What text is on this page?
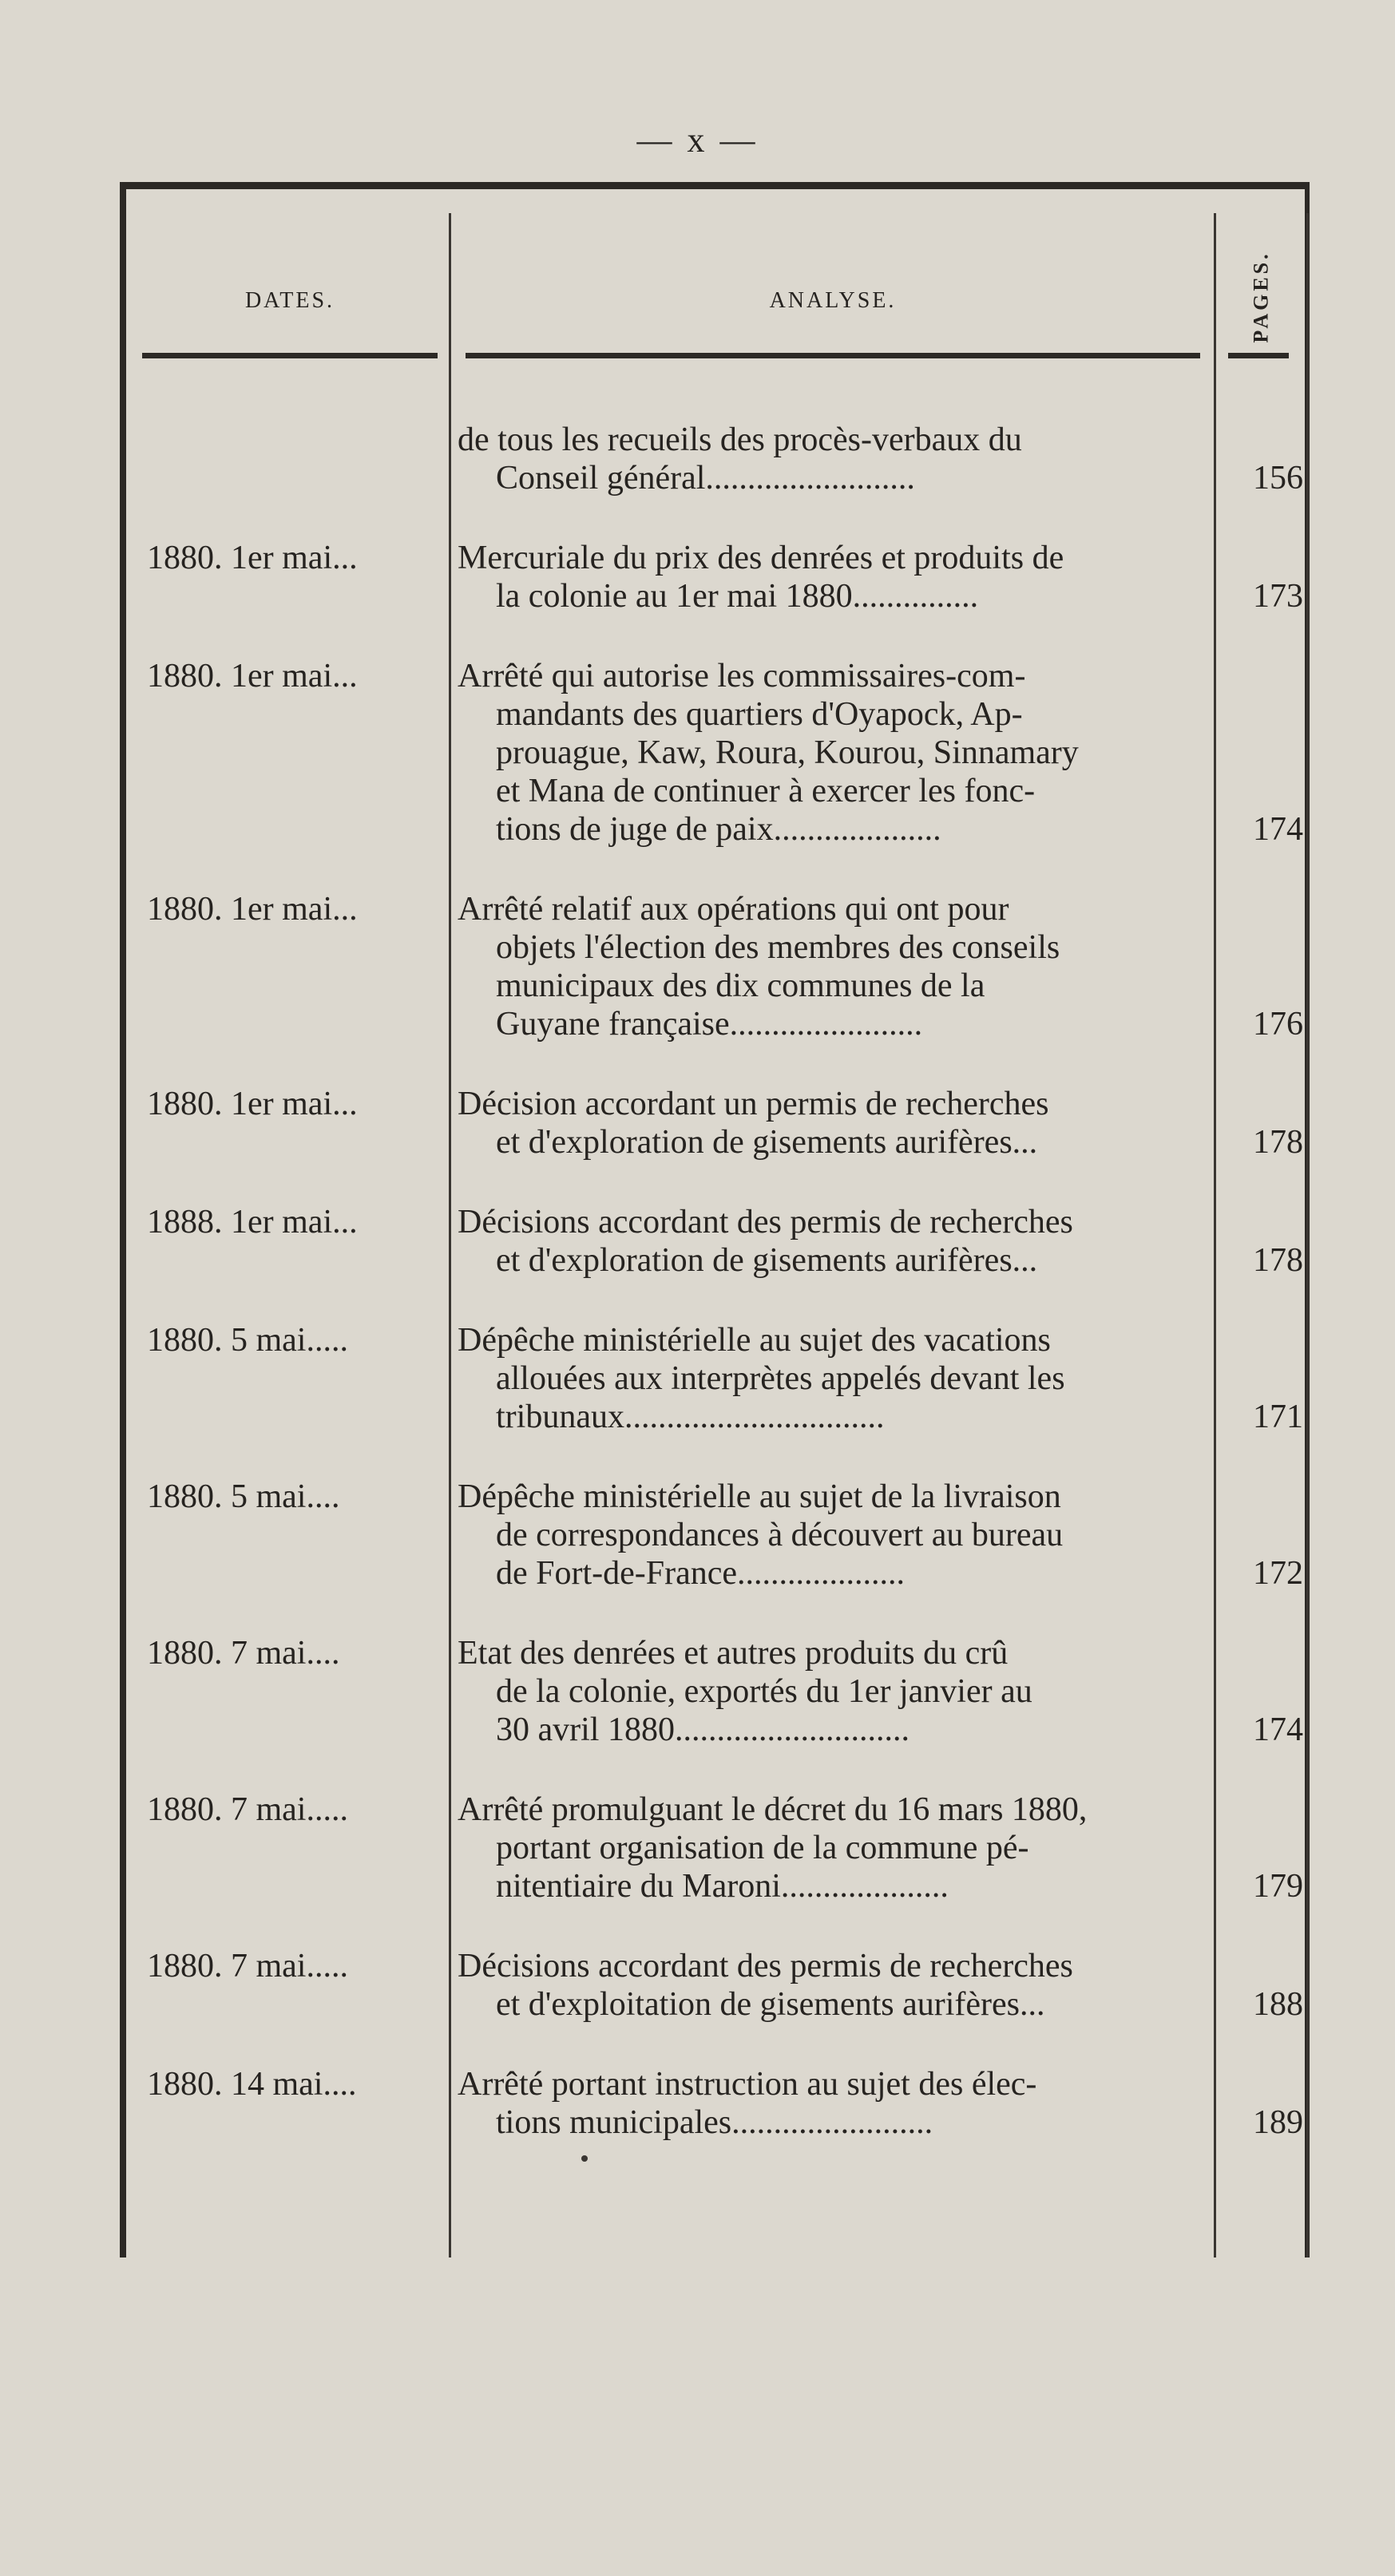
— x —
DATES.	ANALYSE.	PAGES.
de tous les recueils des procès-verbaux du
Conseil général.........................	156
1880. 1er mai...	Mercuriale du prix des denrées et produits de
la colonie au 1er mai 1880...............	173
1880. 1er mai...	Arrêté qui autorise les commissaires-com-
mandants des quartiers d'Oyapock, Ap-
prouague, Kaw, Roura, Kourou, Sinnamary
et Mana de continuer à exercer les fonc-
tions de juge de paix....................	174
1880. 1er mai...	Arrêté relatif aux opérations qui ont pour
objets l'élection des membres des conseils
municipaux des dix communes de la
Guyane française.......................	176
1880. 1er mai...	Décision accordant un permis de recherches
et d'exploration de gisements aurifères...	178
1888. 1er mai...	Décisions accordant des permis de recherches
et d'exploration de gisements aurifères...	178
1880. 5 mai.....	Dépêche ministérielle au sujet des vacations
allouées aux interprètes appelés devant les
tribunaux...............................	171
1880. 5 mai....	Dépêche ministérielle au sujet de la livraison
de correspondances à découvert au bureau
de Fort-de-France....................	172
1880. 7 mai....	Etat des denrées et autres produits du crû
de la colonie, exportés du 1er janvier au
30 avril 1880............................	174
1880. 7 mai.....	Arrêté promulguant le décret du 16 mars 1880,
portant organisation de la commune pé-
nitentiaire du Maroni....................	179
1880. 7 mai.....	Décisions accordant des permis de recherches
et d'exploitation de gisements aurifères...	188
1880. 14 mai....	Arrêté portant instruction au sujet des élec-
tions municipales........................	189
